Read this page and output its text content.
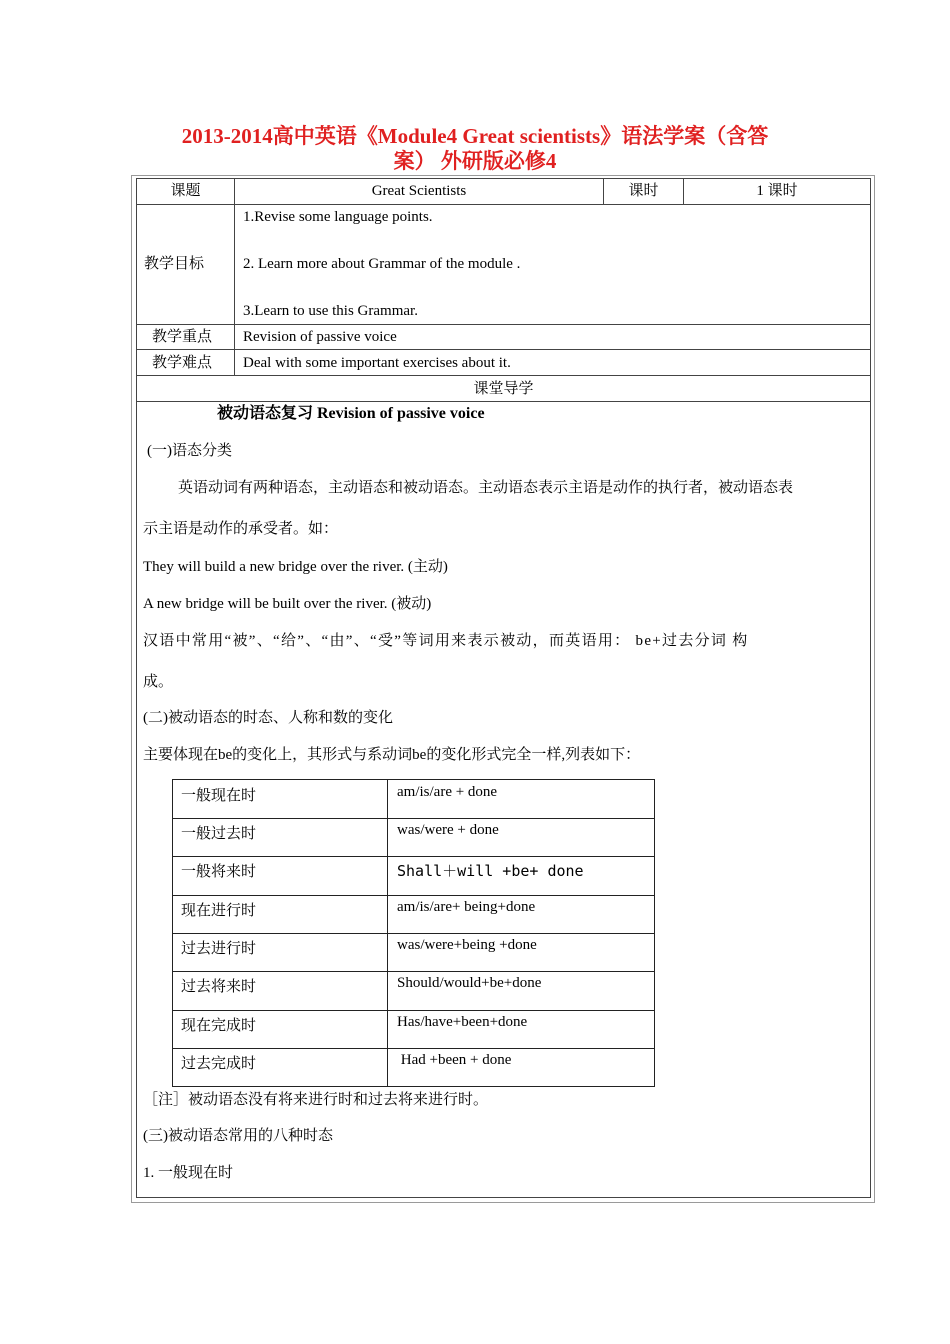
2013-2014高中英语《Module4 Great scientists》语法学案（含答
案） 外研版必修4
课题	Great Scientists	课时	1 课时
教学目标
1.Revise some language points.
2. Learn more about Grammar of the module .
3.Learn to use this Grammar.
教学重点 Revision of passive voice
教学难点 Deal with some important exercises about it.
课堂导学
被动语态复习 Revision of passive voice
(一)语态分类
英语动词有两种语态，主动语态和被动语态。主动语态表示主语是动作的执行者，被动语态表
示主语是动作的承受者。如：
They will build a new bridge over the river. (主动)
A new bridge will be built over the river. (被动)
汉语中常用“被”、“给”、“由”、“受”等词用来表示被动，而英语用： be+过去分词 构
成。
(二)被动语态的时态、人称和数的变化
主要体现在be的变化上，其形式与系动词be的变化形式完全一样,列表如下：
一般现在时	am/is/are + done
一般过去时	was/were + done
一般将来时	Shall＋will +be+ done
现在进行时	am/is/are+ being+done
过去进行时	was/were+being +done
过去将来时	Should/would+be+done
现在完成时	Has/have+been+done
过去完成时	Had +been + done
［注］被动语态没有将来进行时和过去将来进行时。
(三)被动语态常用的八种时态
1. 一般现在时
